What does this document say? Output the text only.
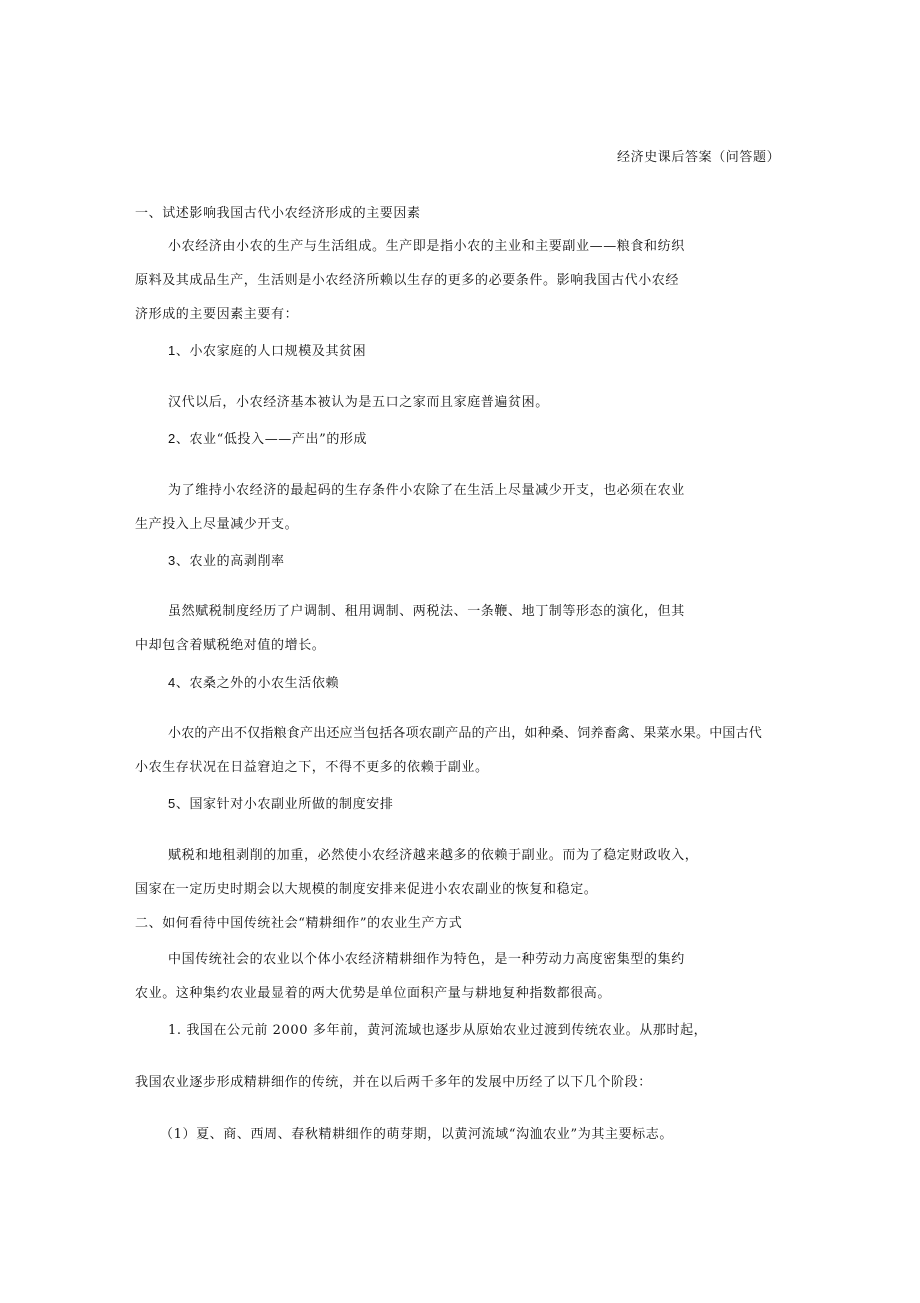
经济史课后答案（问答题）
一、试述影响我国古代小农经济形成的主要因素
小农经济由小农的生产与生活组成。生产即是指小农的主业和主要副业——粮食和纺织
原料及其成品生产，生活则是小农经济所赖以生存的更多的必要条件。影响我国古代小农经
济形成的主要因素主要有：
1、小农家庭的人口规模及其贫困
汉代以后，小农经济基本被认为是五口之家而且家庭普遍贫困。
2、农业“低投入——产出”的形成
为了维持小农经济的最起码的生存条件小农除了在生活上尽量减少开支，也必须在农业
生产投入上尽量减少开支。
3、农业的高剥削率
虽然赋税制度经历了户调制、租用调制、两税法、一条鞭、地丁制等形态的演化，但其
中却包含着赋税绝对值的增长。
4、农桑之外的小农生活依赖
小农的产出不仅指粮食产出还应当包括各项农副产品的产出，如种桑、饲养畜禽、果菜水果。中国古代
小农生存状况在日益窘迫之下，不得不更多的依赖于副业。
5、国家针对小农副业所做的制度安排
赋税和地租剥削的加重，必然使小农经济越来越多的依赖于副业。而为了稳定财政收入，
国家在一定历史时期会以大规模的制度安排来促进小农农副业的恢复和稳定。
二、如何看待中国传统社会“精耕细作”的农业生产方式
中国传统社会的农业以个体小农经济精耕细作为特色，是一种劳动力高度密集型的集约
农业。这种集约农业最显着的两大优势是单位面积产量与耕地复种指数都很高。
1. 我国在公元前 2000 多年前，黄河流域也逐步从原始农业过渡到传统农业。从那时起，
我国农业逐步形成精耕细作的传统，并在以后两千多年的发展中历经了以下几个阶段：
（1）夏、商、西周、春秋精耕细作的萌芽期，以黄河流域“沟洫农业”为其主要标志。
